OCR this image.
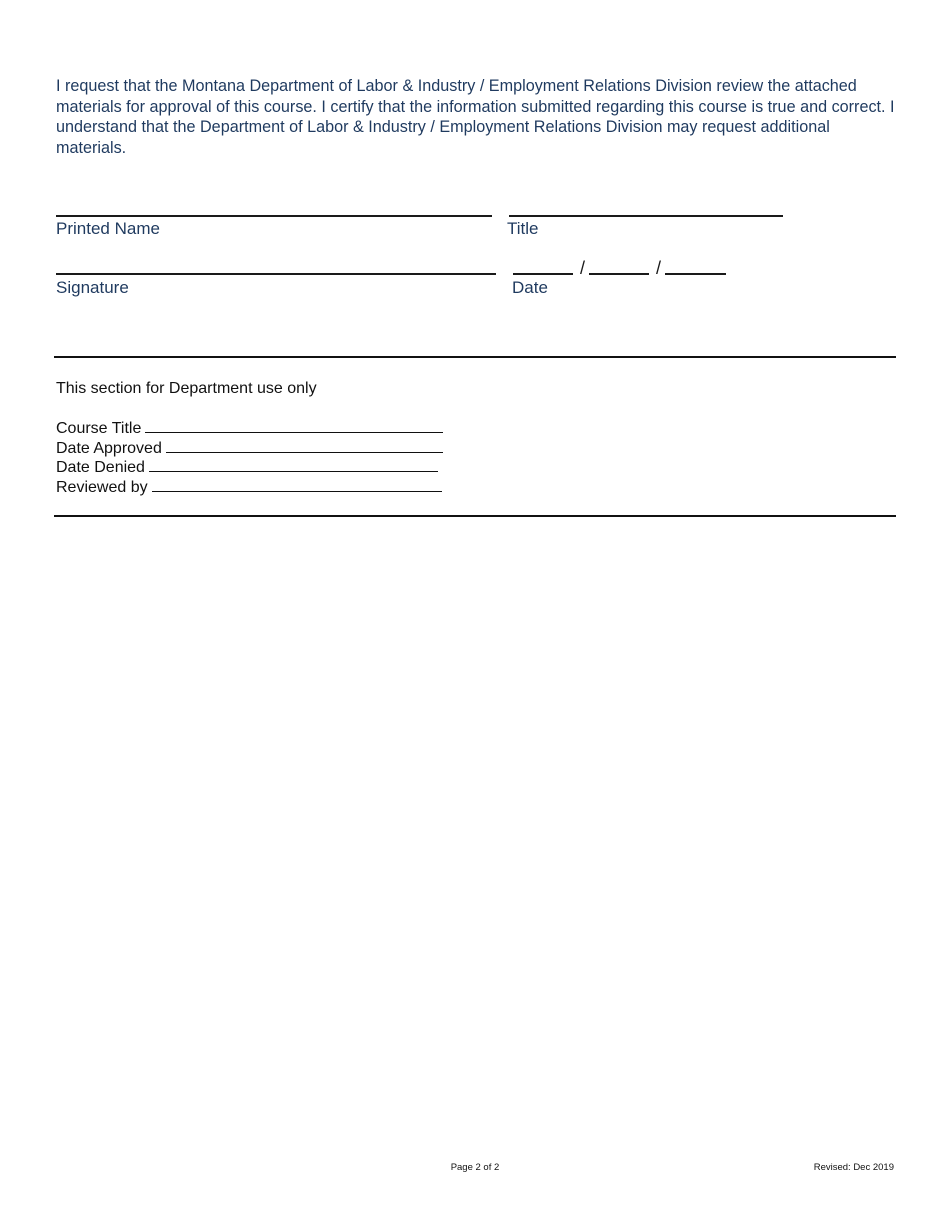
I request that the Montana Department of Labor & Industry / Employment Relations Division review the attached materials for approval of this course. I certify that the information submitted regarding this course is true and correct. I understand that the Department of Labor & Industry / Employment Relations Division may request additional materials.

Printed Name	Title
/	/
Signature	Date
This section for Department use only
Course Title
Date Approved
Date Denied
Reviewed by
Page 2 of 2	Revised: Dec 2019
